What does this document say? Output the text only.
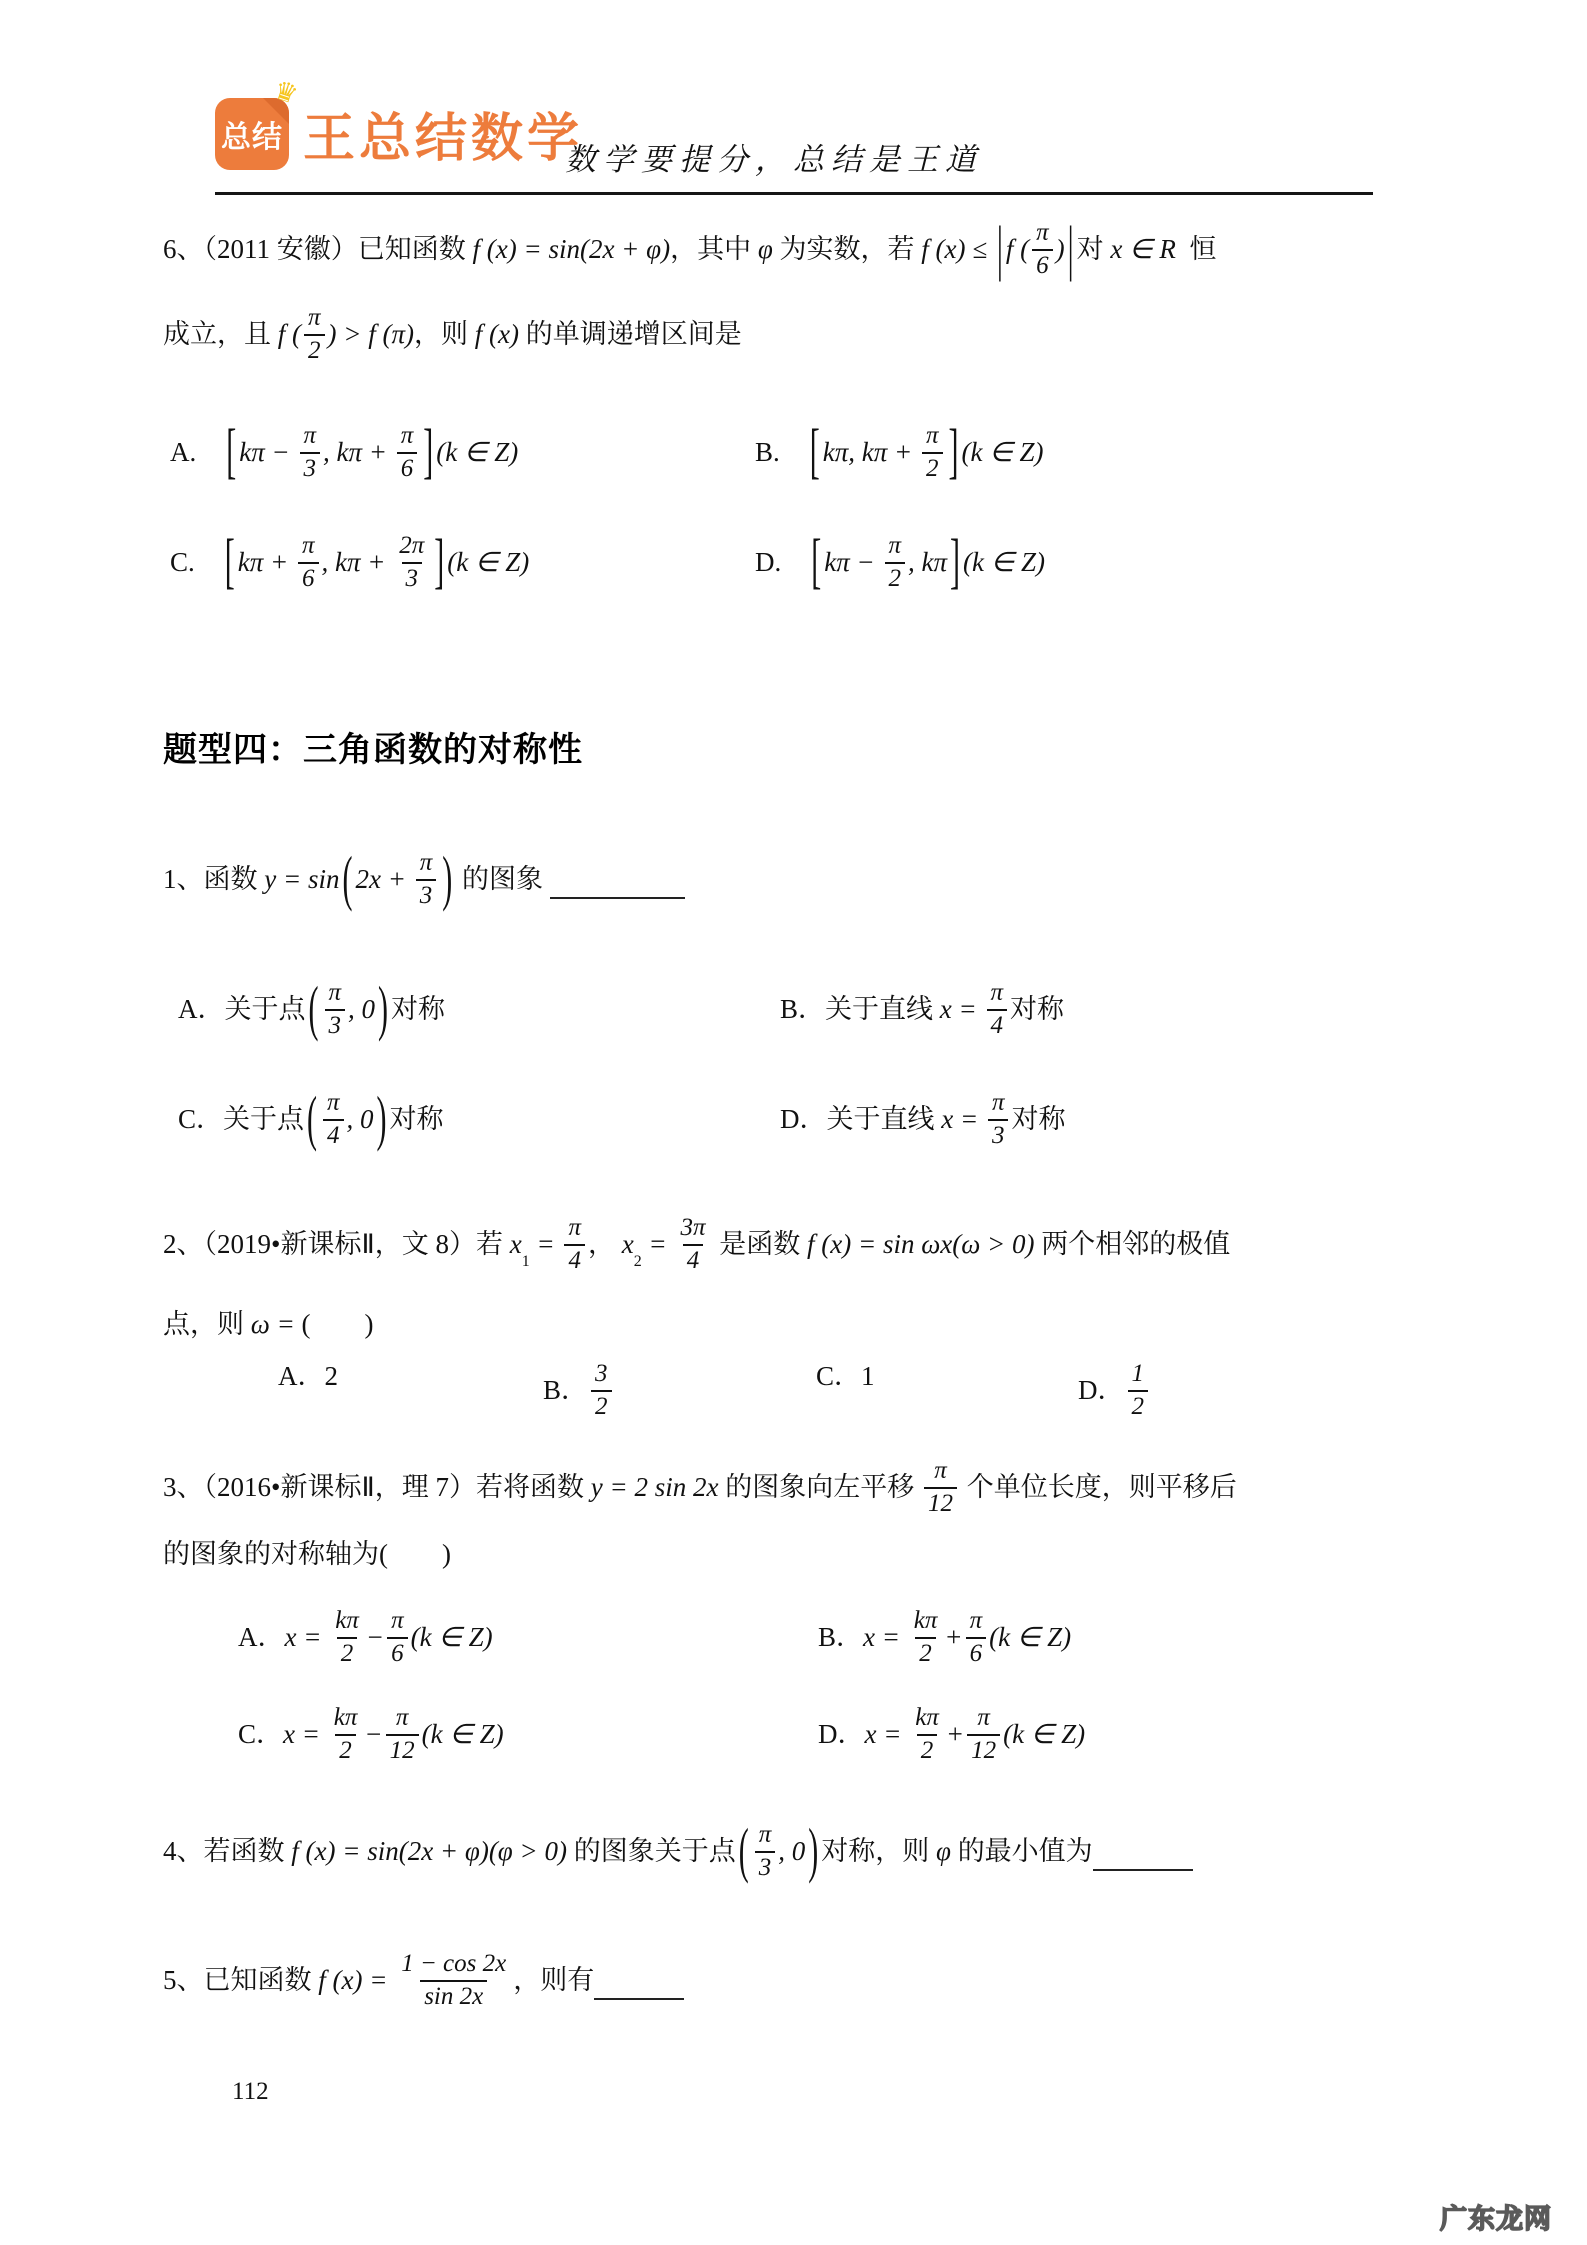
♛
总结 王总结数学
数学要提分，总结是王道
6、（2011 安徽）已知函数 f (x) = sin(2x + φ) ，其中 φ 为实数，若 f (x) ≤ | f ( $\frac{\pi}{6}$ ) | 对 x ∈ R 恒
成立，且 f ( $\frac{\pi}{2}$ ) > f (π) ，则 f (x) 的单调递增区间是
A.　 [ $k\pi - \frac{\pi}{3}$ , $k\pi + \frac{\pi}{6}$ ] (k ∈ Z)	B.　 [ kπ, $k\pi + \frac{\pi}{2}$ ] (k ∈ Z)
C.　 [ $k\pi + \frac{\pi}{6}$ , $k\pi + \frac{2\pi}{3}$ ] (k ∈ Z)	D.　 [ $k\pi - \frac{\pi}{2}$ , kπ ] (k ∈ Z)
题型四：三角函数的对称性
1、函数 y = sin ( $2x + \frac{\pi}{3}$ ) 的图象
A． 关于点 ( $\frac{\pi}{3}$ , 0 ) 对称	B． 关于直线 $x = \frac{\pi}{4}$ 对称
C． 关于点 ( $\frac{\pi}{4}$ , 0 ) 对称	D． 关于直线 $x = \frac{\pi}{3}$ 对称
2、（2019•新课标Ⅱ，文 8）若 x
1
= $\frac{\pi}{4}$ ， x
2
= $\frac{3\pi}{4}$ 是函数 f (x) = sin ωx(ω > 0) 两个相邻的极值
点，则 ω = (　　)
A．2	B． $\frac{3}{2}$	C．1	D． $\frac{1}{2}$
3、（2016•新课标Ⅱ，理 7）若将函数 y = 2 sin 2x 的图象向左平移 $\frac{\pi}{12}$ 个单位长度，则平移后
的图象的对称轴为(　　)
A． $x = \frac{k\pi}{2} - \frac{\pi}{6} (k$ ∈ Z)	B． $x = \frac{k\pi}{2} + \frac{\pi}{6} (k$ ∈ Z)
C． $x = \frac{k\pi}{2} - \frac{\pi}{12} (k$ ∈ Z)	D． $x = \frac{k\pi}{2} + \frac{\pi}{12} (k$ ∈ Z)
4、若函数 f (x) = sin(2x + φ)(φ > 0) 的图象关于点 ( $\frac{\pi}{3}$ , 0 ) 对称，则 φ 的最小值为
5、已知函数 f $(x) = \frac{1 - \cos 2x}{\sin 2x}$ ，则有
112
广东龙网
